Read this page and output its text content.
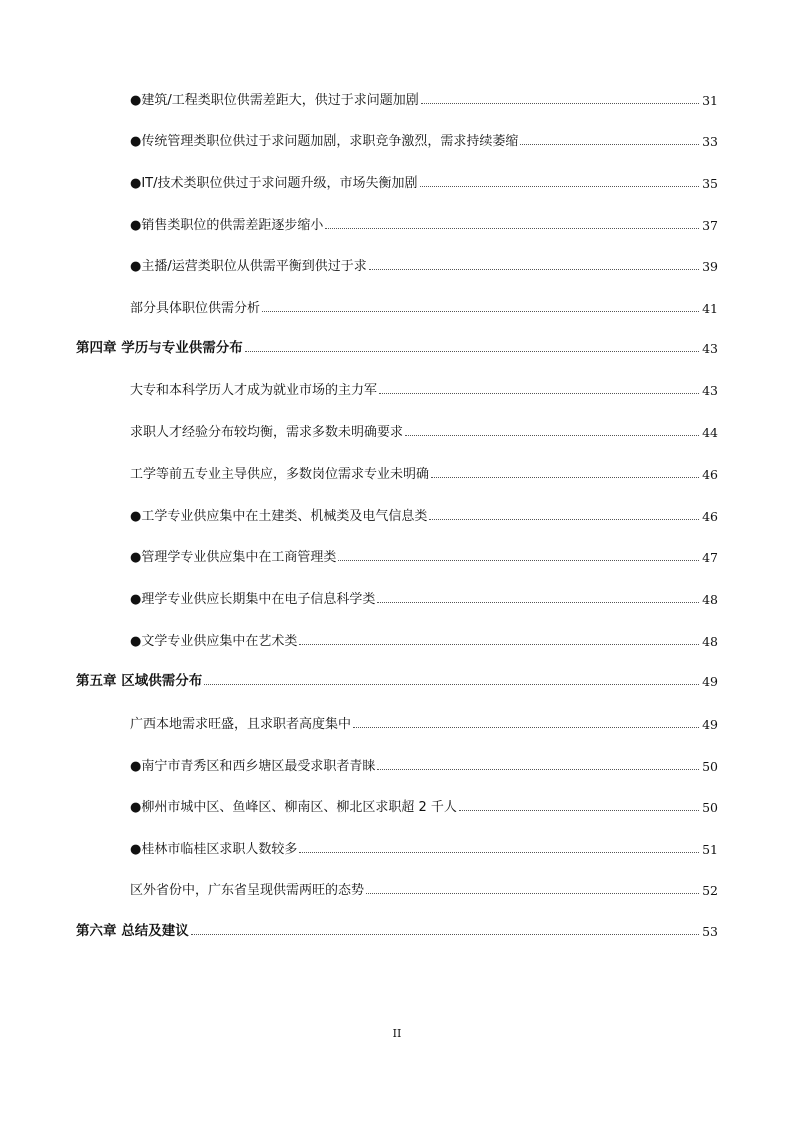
●建筑/工程类职位供需差距大，供过于求问题加剧	31
●传统管理类职位供过于求问题加剧，求职竞争激烈，需求持续萎缩	33
●IT/技术类职位供过于求问题升级，市场失衡加剧	35
●销售类职位的供需差距逐步缩小	37
●主播/运营类职位从供需平衡到供过于求	39
部分具体职位供需分析	41
第四章 学历与专业供需分布	43
大专和本科学历人才成为就业市场的主力军	43
求职人才经验分布较均衡，需求多数未明确要求	44
工学等前五专业主导供应，多数岗位需求专业未明确	46
●工学专业供应集中在土建类、机械类及电气信息类	46
●管理学专业供应集中在工商管理类	47
●理学专业供应长期集中在电子信息科学类	48
●文学专业供应集中在艺术类	48
第五章 区域供需分布	49
广西本地需求旺盛，且求职者高度集中	49
●南宁市青秀区和西乡塘区最受求职者青睐	50
●柳州市城中区、鱼峰区、柳南区、柳北区求职超 2 千人	50
●桂林市临桂区求职人数较多	51
区外省份中，广东省呈现供需两旺的态势	52
第六章 总结及建议	53
II
